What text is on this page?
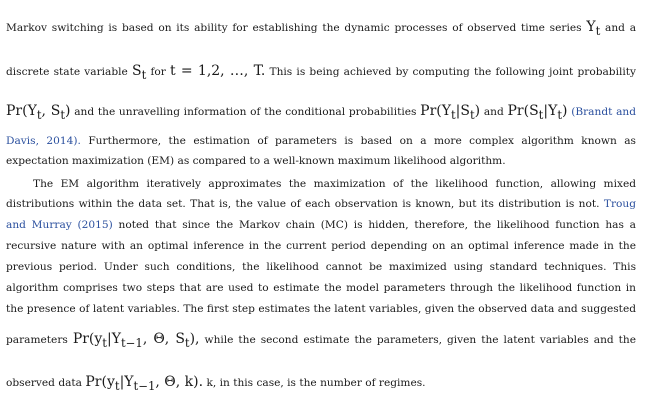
Markov switching is based on its ability for establishing the dynamic processes of observed time series $Y_t$ and a
discrete state variable $S_t$ for t = 1,2, …, T. This is being achieved by computing the following joint probability
$Pr(Y_t$, $S_t$) and the unravelling information of the conditional probabilities $Pr(Y_t|S_t)$ and $Pr(S_t|Y_t)$ (Brandt and
Davis, 2014). Furthermore, the estimation of parameters is based on a more complex algorithm known as
expectation maximization (EM) as compared to a well-known maximum likelihood algorithm.
The EM algorithm iteratively approximates the maximization of the likelihood function, allowing mixed
distributions within the data set. That is, the value of each observation is known, but its distribution is not. Troug
and Murray (2015) noted that since the Markov chain (MC) is hidden, therefore, the likelihood function has a
recursive nature with an optimal inference in the current period depending on an optimal inference made in the
previous period. Under such conditions, the likelihood cannot be maximized using standard techniques. This
algorithm comprises two steps that are used to estimate the model parameters through the likelihood function in
the presence of latent variables. The first step estimates the latent variables, given the observed data and suggested
parameters $Pr(y_t|Y_{t-1}$, Θ, $S_t$), while the second estimate the parameters, given the latent variables and the
observed data $Pr(y_t|Y_{t-1}$, Θ, k). k, in this case, is the number of regimes.
